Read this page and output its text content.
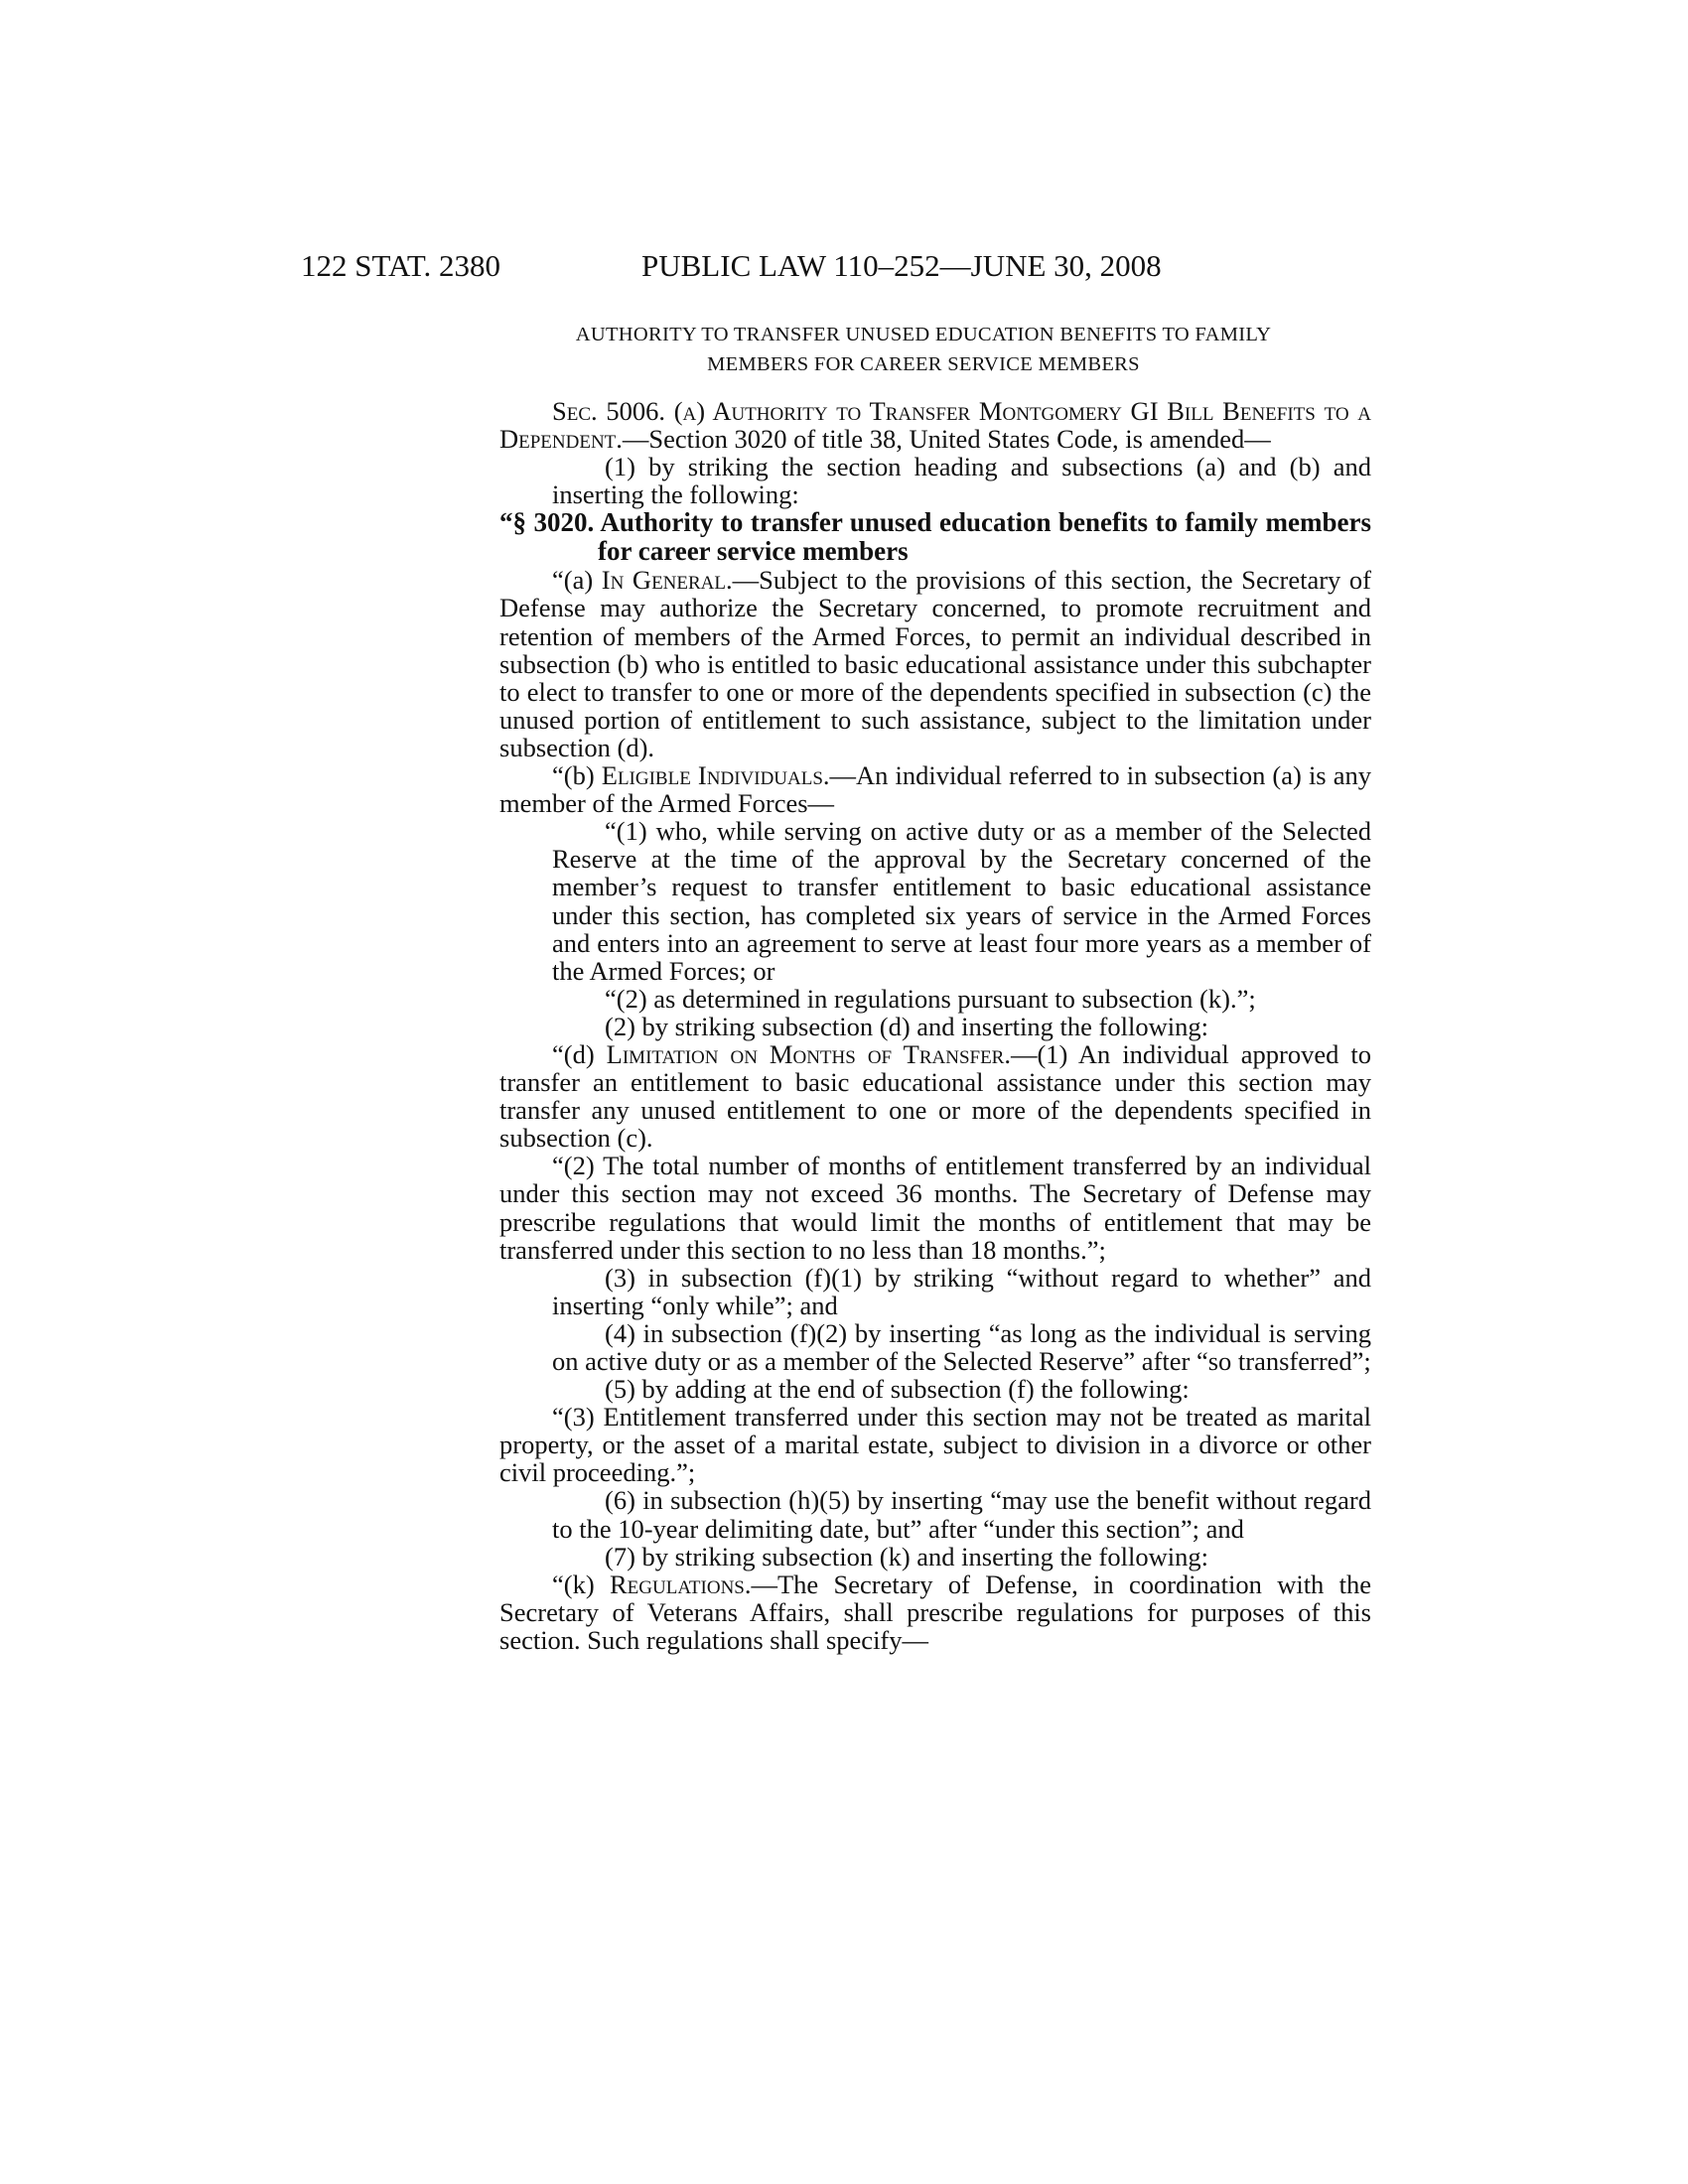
122 STAT. 2380	PUBLIC LAW 110–252—JUNE 30, 2008
AUTHORITY TO TRANSFER UNUSED EDUCATION BENEFITS TO FAMILY
MEMBERS FOR CAREER SERVICE MEMBERS

Sec. 5006. (a) Authority to Transfer Montgomery GI Bill Benefits to a Dependent.—Section 3020 of title 38, United States Code, is amended—

(1) by striking the section heading and subsections (a) and (b) and inserting the following:

“§ 3020. Authority to transfer unused education benefits to family members for career service members

“(a) In General.—Subject to the provisions of this section, the Secretary of Defense may authorize the Secretary concerned, to promote recruitment and retention of members of the Armed Forces, to permit an individual described in subsection (b) who is entitled to basic educational assistance under this subchapter to elect to transfer to one or more of the dependents specified in subsection (c) the unused portion of entitlement to such assistance, subject to the limitation under subsection (d).

“(b) Eligible Individuals.—An individual referred to in subsection (a) is any member of the Armed Forces—

“(1) who, while serving on active duty or as a member of the Selected Reserve at the time of the approval by the Secretary concerned of the member’s request to transfer entitlement to basic educational assistance under this section, has completed six years of service in the Armed Forces and enters into an agreement to serve at least four more years as a member of the Armed Forces; or

“(2) as determined in regulations pursuant to subsection (k).”;

(2) by striking subsection (d) and inserting the following:

“(d) Limitation on Months of Transfer.—(1) An individual approved to transfer an entitlement to basic educational assistance under this section may transfer any unused entitlement to one or more of the dependents specified in subsection (c).

“(2) The total number of months of entitlement transferred by an individual under this section may not exceed 36 months. The Secretary of Defense may prescribe regulations that would limit the months of entitlement that may be transferred under this section to no less than 18 months.”;

(3) in subsection (f)(1) by striking “without regard to whether” and inserting “only while”; and

(4) in subsection (f)(2) by inserting “as long as the individual is serving on active duty or as a member of the Selected Reserve” after “so transferred”;

(5) by adding at the end of subsection (f) the following:

“(3) Entitlement transferred under this section may not be treated as marital property, or the asset of a marital estate, subject to division in a divorce or other civil proceeding.”;

(6) in subsection (h)(5) by inserting “may use the benefit without regard to the 10-year delimiting date, but” after “under this section”; and

(7) by striking subsection (k) and inserting the following:

“(k) Regulations.—The Secretary of Defense, in coordination with the Secretary of Veterans Affairs, shall prescribe regulations for purposes of this section. Such regulations shall specify—
